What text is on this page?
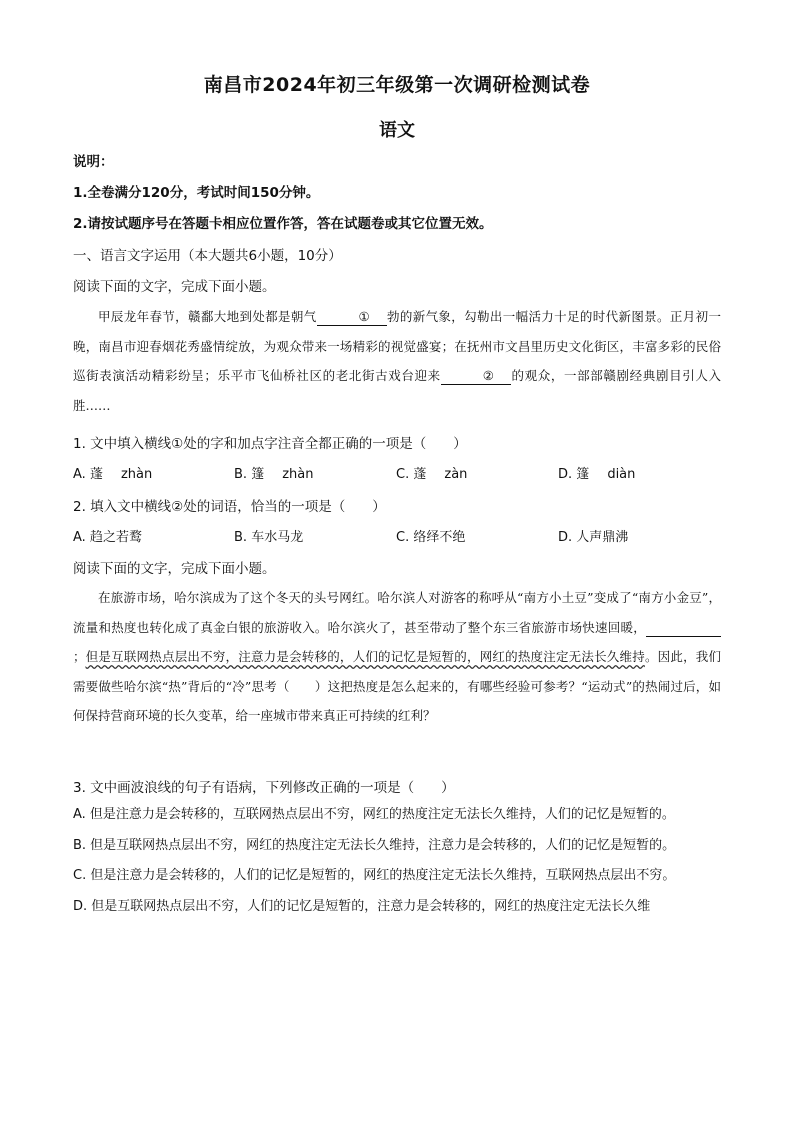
南昌市2024年初三年级第一次调研检测试卷
语文
说明：
1.全卷满分120分，考试时间150分钟。
2.请按试题序号在答题卡相应位置作答，答在试题卷或其它位置无效。
一、语言文字运用（本大题共6小题，10分）
阅读下面的文字，完成下面小题。
甲辰龙年春节，赣鄱大地到处都是朝气	① 勃的新气象，勾勒出一幅活力十足的时代新图景。正月初一晚，南昌市迎春烟花秀盛情绽放，为观众带来一场精彩的视觉盛宴；在抚州市文昌里历史文化街区，丰富多彩的民俗巡街表演活动精彩纷呈；乐平市飞仙桥社区的老北街古戏台迎来	② 的观众，一部部赣剧经典剧目引人入胜……
1. 文中填入横线①处的字和加点字注音全都正确的一项是（　　）
A. 蓬 zhàn	B. 篷 zhàn	C. 蓬 zàn	D. 篷 diàn
2. 填入文中横线②处的词语，恰当的一项是（　　）
A. 趋之若鹜	B. 车水马龙	C. 络绎不绝	D. 人声鼎沸
阅读下面的文字，完成下面小题。
在旅游市场，哈尔滨成为了这个冬天的头号网红。哈尔滨人对游客的称呼从“南方小土豆”变成了“南方小金豆”，流量和热度也转化成了真金白银的旅游收入。哈尔滨火了，甚至带动了整个东三省旅游市场快速回暖，　　　　；但是互联网热点层出不穷，注意力是会转移的，人们的记忆是短暂的，网红的热度注定无法长久维持。因此，我们需要做些哈尔滨“热”背后的“冷”思考（　　）这把热度是怎么起来的，有哪些经验可参考？“运动式”的热闹过后，如何保持营商环境的长久变革，给一座城市带来真正可持续的红利？
3. 文中画波浪线的句子有语病，下列修改正确的一项是（　　）

A. 但是注意力是会转移的，互联网热点层出不穷，网红的热度注定无法长久维持，人们的记忆是短暂的。

B. 但是互联网热点层出不穷，网红的热度注定无法长久维持，注意力是会转移的，人们的记忆是短暂的。

C. 但是注意力是会转移的，人们的记忆是短暂的，网红的热度注定无法长久维持，互联网热点层出不穷。

D. 但是互联网热点层出不穷，人们的记忆是短暂的，注意力是会转移的，网红的热度注定无法长久维
